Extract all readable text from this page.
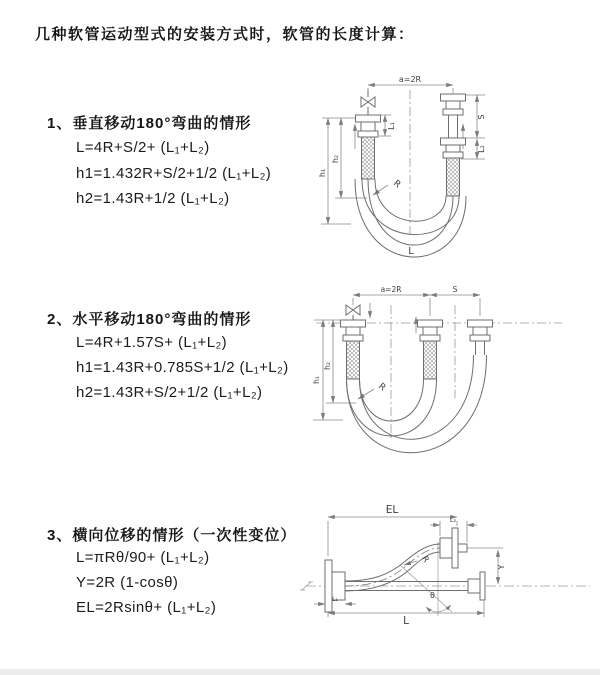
几种软管运动型式的安装方式时，软管的长度计算：
1、垂直移动180°弯曲的情形
L=4R+S/2+ (L₁+L₂)
h1=1.432R+S/2+1/2 (L₁+L₂)
h2=1.43R+1/2 (L₁+L₂)
a=2R
S
L₂
L₁
h₂
h₁
R
L
2、水平移动180°弯曲的情形
L=4R+1.57S+ (L₁+L₂)
h1=1.43R+0.785S+1/2 (L₁+L₂)
h2=1.43R+S/2+1/2 (L₁+L₂)
a=2R	S
h₂
h₁
R
3、横向位移的情形（一次性变位）
L=πRθ/90+ (L₁+L₂)
Y=2R (1-cosθ)
EL=2Rsinθ+ (L₁+L₂)
EL
L₂
Y
R
θ
L
L₁
